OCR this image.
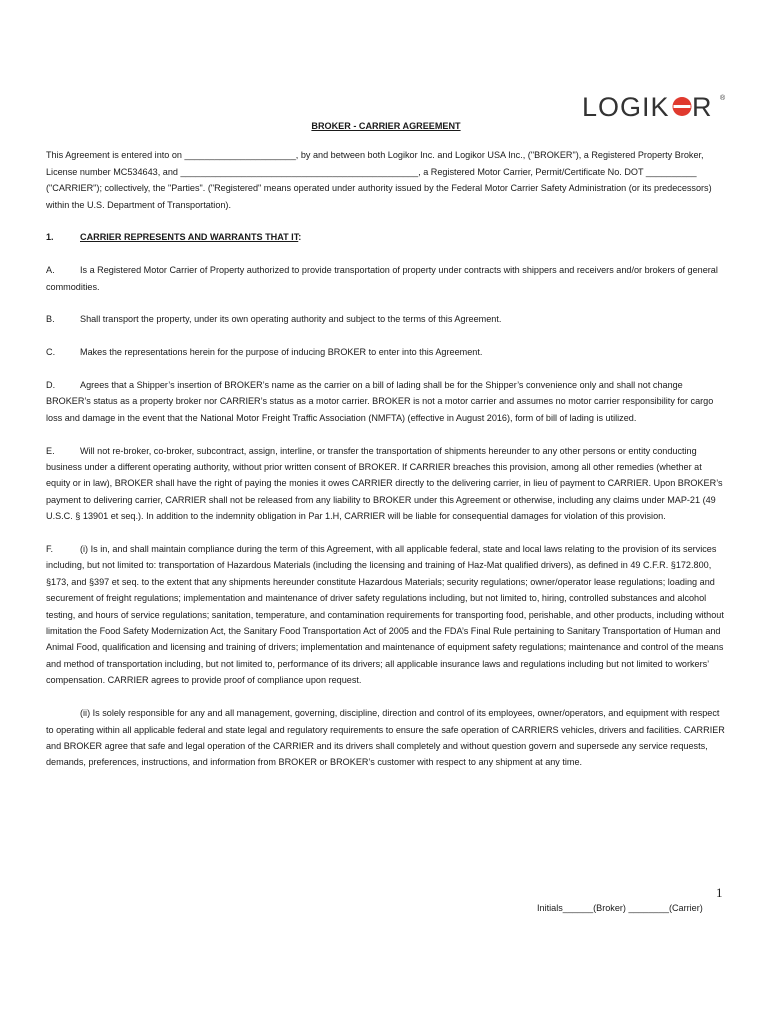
LOGIK R ®
BROKER - CARRIER AGREEMENT

This Agreement is entered into on ______________________, by and between both Logikor Inc. and Logikor USA Inc., ("BROKER"), a Registered Property Broker, License number MC534643, and _______________________________________________, a Registered Motor Carrier, Permit/Certificate No. DOT __________ ("CARRIER"); collectively, the "Parties". ("Registered" means operated under authority issued by the Federal Motor Carrier Safety Administration (or its predecessors) within the U.S. Department of Transportation).

1.	CARRIER REPRESENTS AND WARRANTS THAT IT:

A.	Is a Registered Motor Carrier of Property authorized to provide transportation of property under contracts with shippers and receivers and/or brokers of general commodities.

B.	Shall transport the property, under its own operating authority and subject to the terms of this Agreement.

C.	Makes the representations herein for the purpose of inducing BROKER to enter into this Agreement.

D.	Agrees that a Shipper’s insertion of BROKER’s name as the carrier on a bill of lading shall be for the Shipper’s convenience only and shall not change BROKER’s status as a property broker nor CARRIER’s status as a motor carrier. BROKER is not a motor carrier and assumes no motor carrier responsibility for cargo loss and damage in the event that the National Motor Freight Traffic Association (NMFTA) (effective in August 2016), form of bill of lading is utilized.

E.	Will not re-broker, co-broker, subcontract, assign, interline, or transfer the transportation of shipments hereunder to any other persons or entity conducting business under a different operating authority, without prior written consent of BROKER. If CARRIER breaches this provision, among all other remedies (whether at equity or in law), BROKER shall have the right of paying the monies it owes CARRIER directly to the delivering carrier, in lieu of payment to CARRIER. Upon BROKER’s payment to delivering carrier, CARRIER shall not be released from any liability to BROKER under this Agreement or otherwise, including any claims under MAP-21 (49 U.S.C. § 13901 et seq.). In addition to the indemnity obligation in Par 1.H, CARRIER will be liable for consequential damages for violation of this provision.

F.	(i) Is in, and shall maintain compliance during the term of this Agreement, with all applicable federal, state and local laws relating to the provision of its services including, but not limited to: transportation of Hazardous Materials (including the licensing and training of Haz-Mat qualified drivers), as defined in 49 C.F.R. §172.800, §173, and §397 et seq. to the extent that any shipments hereunder constitute Hazardous Materials; security regulations; owner/operator lease regulations; loading and securement of freight regulations; implementation and maintenance of driver safety regulations including, but not limited to, hiring, controlled substances and alcohol testing, and hours of service regulations; sanitation, temperature, and contamination requirements for transporting food, perishable, and other products, including without limitation the Food Safety Modernization Act, the Sanitary Food Transportation Act of 2005 and the FDA’s Final Rule pertaining to Sanitary Transportation of Human and Animal Food, qualification and licensing and training of drivers; implementation and maintenance of equipment safety regulations; maintenance and control of the means and method of transportation including, but not limited to, performance of its drivers; all applicable insurance laws and regulations including but not limited to workers’ compensation. CARRIER agrees to provide proof of compliance upon request.

(ii) Is solely responsible for any and all management, governing, discipline, direction and control of its employees, owner/operators, and equipment with respect to operating within all applicable federal and state legal and regulatory requirements to ensure the safe operation of CARRIERS vehicles, drivers and facilities. CARRIER and BROKER agree that safe and legal operation of the CARRIER and its drivers shall completely and without question govern and supersede any service requests, demands, preferences, instructions, and information from BROKER or BROKER’s customer with respect to any shipment at any time.

1
Initials______(Broker) ________(Carrier)
